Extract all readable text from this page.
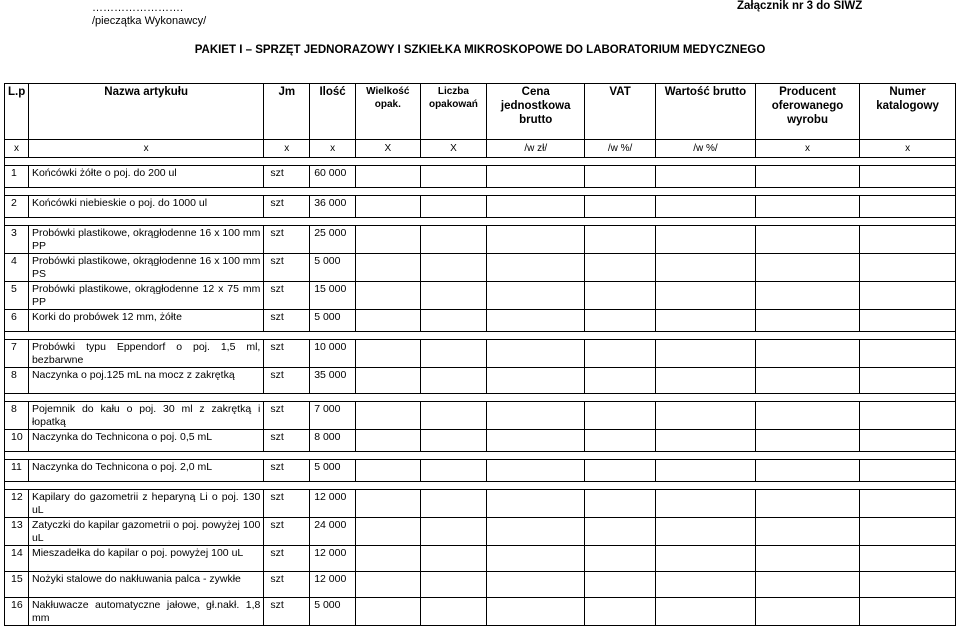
…………………….
/pieczątka Wykonawcy/
Załącznik nr 3 do SIWZ
PAKIET I – SPRZĘT JEDNORAZOWY I SZKIEŁKA MIKROSKOPOWE DO LABORATORIUM MEDYCZNEGO
L.p	Nazwa artykułu	Jm	Ilość	Wielkość opak.	Liczba opakowań	Cena jednostkowa brutto	VAT	Wartość brutto	Producent oferowanego wyrobu	Numer katalogowy
x	x	x	x	X	X	/w zł/	/w %/	/w %/	x	x

1	Końcówki żółte o poj. do 200 ul	szt	60 000							

2	Końcówki niebieskie o poj. do 1000 ul	szt	36 000							

3	Probówki plastikowe, okrągłodenne 16 x 100 mm PP	szt	25 000							
4	Probówki plastikowe, okrągłodenne 16 x 100 mm PS	szt	5 000							
5	Probówki plastikowe, okrągłodenne 12 x 75 mm PP	szt	15 000							
6	Korki do probówek 12 mm, żółte	szt	5 000							

7	Probówki typu Eppendorf o poj. 1,5 ml, bezbarwne	szt	10 000							
8	Naczynka o poj.125 mL na mocz z zakrętką	szt	35 000							

8	Pojemnik do kału o poj. 30 ml z zakrętką i łopatką	szt	7 000							
10	Naczynka do Technicona o poj. 0,5 mL	szt	8 000							

11	Naczynka do Technicona o poj. 2,0 mL	szt	5 000							

12	Kapilary do gazometrii z heparyną Li o poj. 130 uL	szt	12 000							
13	Zatyczki do kapilar gazometrii o poj. powyżej 100 uL	szt	24 000							
14	Mieszadełka do kapilar o poj. powyżej 100 uL	szt	12 000							
15	Nożyki stalowe do nakłuwania palca - zywkłe	szt	12 000							
16	Nakłuwacze automatyczne jałowe, gł.nakł. 1,8 mm	szt	5 000							
